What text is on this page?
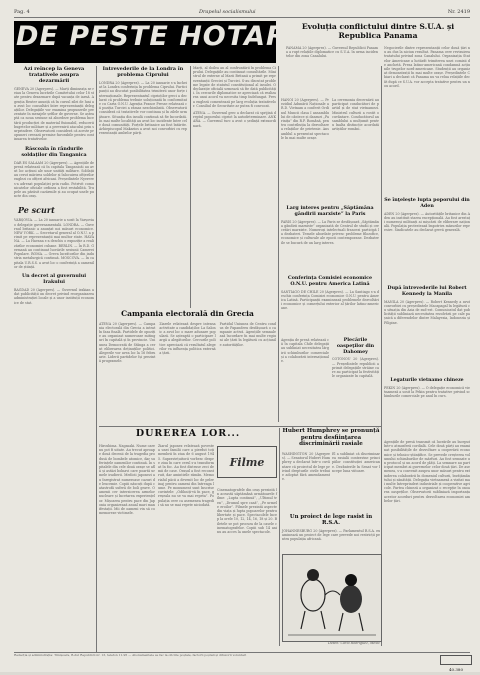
Pag. 4	Drapelul socialismului	Nr. 2419
DE PESTE HOTARE

Azi reîncep la Geneva tratativele asupra dezarmării

GENEVA 20 (Agerpres). — Marți dimineața se reiau la Geneva lucrările Comitetului celor 18 state pentru dezarmare după vacanța de iarnă. Agenția Reuter anunță că în cursul zilei de luni au avut loc consultări între reprezentanții delegațiilor. Delegațiile vor examina propunerile prezentate în mesajele șefilor de guverne. Se așteaptă ca noua sesiune să abordeze problema încetării producției de material fisionabil, reducerii bugetelor militare și a prevenirii atacului prin surprindere. Observatorii consideră că aceste propuneri creează premise favorabile pentru continuarea tratativelor.

Răscoala în rândurile soldaților din Tanganica

DAR ES SALAAM 20 (Agerpres). — Agențiile de presă relatează că în capitala Tanganicăi au avut loc acțiuni ale unor unități militare. Soldații au cerut mărirea soldelor și înlocuirea ofițerilor englezi cu ofițeri africani. Președintele Nyerere s-a adresat populației prin radio. Potrivit comunicatelor oficiale ordinea a fost restabilită. Trupele au părăsit cazărmile și au ocupat unele puncte din oraș.

Pe scurt

VARȘOVIA. — La 20 ianuarie a sosit la Varșovia o delegație guvernamentală. LONDRA. — Guvernul britanic a anunțat noi măsuri economice. NEW YORK. — Secretarul general al O.N.U. a primit pe reprezentanții mai multor state. HAVANA. — La Havana s-a deschis o expoziție a realizărilor economiei cubane. BERLIN. — În R.D. Germană au continuat lucrările sesiunii Camerei Populare. ROMA. — Greva lucrătorilor din industria metalurgică continuă. MOSCOVA. — În capitala U.R.S.S. a avut loc o conferință a oamenilor de știință.

Un decret al guvernului Irakului

BAGDAD 20 (Agerpres). — Guvernul irakian a dat publicității un decret privind reorganizarea administrației locale și a unor instituții economice de stat.

Intrevederile de la Londra în problema Ciprului

LONDRA 20 (Agerpres). — La 20 ianuarie s-a încheiat la Londra conferința în problema Ciprului. Participanții au discutat posibilitatea trimiterii unor forțe internaționale. Reprezentantul ciprioților greci a declarat că problema trebuie soluționată în conformitate cu Carta O.N.U. Agenția France Presse relatează că poziția Turciei a rămas neschimbată. Observatorii consideră că tratativele vor continua și în zilele următoare. Situația din insulă continuă să fie încordată. În mai multe localități au avut loc incidente între cele două comunități. Forțele britanice au fost întărite. Arhiepiscopul Makarios a avut noi convorbiri cu reprezentanții ambelor părți.

Campania electorală din Grecia

ATENA 20 (Agerpres). — Campania electorală din Grecia a intrat în faza finală. Partidele de opoziție au organizat numeroase mitinguri în capitală și în provincie. Uniunea Democrată de Stânga a cerut eliberarea deținuților politici. Alegerile vor avea loc la 16 februarie. Liderii partidelor își prezintă programele.

Ziarele relatează despre intensa activitate a candidaților. La Salonic a avut loc o mare adunare populară. Se așteaptă o participare largă a alegătorilor. Cercurile politice apreciază că rezultatul alegerilor va influența politica externă a țării.

Partidul Uniunea de Centru condus de Papandreu desfășoară o campanie activă. Agențiile semnalează încordare în mai multe regiuni ale țării în legătură cu acțiunile autorităților.

Marți, al doilea an al confruntării în problema Ciprului. Delegațiile au continuat consultările. Ministrul de externe al Marii Britanii a primit pe reprezentanții Greciei și Turciei. S-au discutat probleme legate de statutul constituțional al insulei. O declarație oficială urmează să fie dată publicității. În cercurile diplomatice se apreciază că realizarea unui acord va necesita timp îndelungat. Presa engleză comentează pe larg evoluția tratativelor. Consiliul de Securitate ar putea fi convocat.

ATENA. — Guvernul grec a declarat că sprijină dreptul poporului cipriot la autodeterminare. ANKARA. — Guvernul turc a avut o ședință extraordinară.

HANOI 20 (Agerpres). — Prezidiul Adunării Naționale a R.D. Vietnam a conferit Ordinul Muncii clasa I ansamblului de cântece și dansuri „Parinița” din R.P. Română, pentru contribuția la dezvoltarea relațiilor de prietenie. Ansamblul a prezentat spectacole în mai multe orașe.

La ceremonia decernării au participat conducători de partid și de stat vietnamezi. Ministrul culturii a rostit o cuvântare. Conducătorul ansamblului a mulțumit pentru înalta distincție acordată artiștilor români.

Larg interes pentru „Săptămâna gândirii marxiste” la Paris

PARIS 20 (Agerpres). — La Paris se desfășoară „Săptămâna gândirii marxiste” organizată de Centrul de studii și cercetări marxiste. Numeroși intelectuali francezi participă la dezbateri. Temele abordate privesc probleme filozofice, economice și culturale ale epocii contemporane. Dezbaterile se bucură de un larg interes.

Conferința Comisiei economice O.N.U. pentru America Latină

SANTIAGO DE CHILE 20 (Agerpres). — La Santiago s-a deschis conferința Comisiei economice O.N.U. pentru America Latină. Participanții examinează problemele dezvoltării economice și comerțului exterior al țărilor latino-americane.

Agenția de presă relatează că în capitala Chile delegații au subliniat necesitatea lărgirii schimburilor comerciale și a colaborării internaționale.

Plecările oaspeţilor din Dahomey

COTONOU 20 (Agerpres). — Președintele republicii a primit delegațiile străine care au participat la festivitățile organizate în capitală.

Evoluția conflictului dintre S.U.A. și Republica Panama

PANAMA 20 (Agerpres). — Guvernul Republicii Panama a rupt relațiile diplomatice cu S.U.A. în urma incidentelor din zona Canalului.

Negocierile dintre reprezentanții celor două țări nu au dus la niciun rezultat. Panama cere revizuirea tratatului privind zona Canalului. Organizația Statelor Americane a hotărât trimiterea unei comisii de anchetă. Presa latino-americană condamnă acțiunile trupelor nord-americane. Studenții au organizat demonstrații în mai multe orașe. Președintele Chiari a declarat că Panama nu va relua relațiile decât după ce S.U.A. vor accepta tratative pentru un nou acord.

Se înţelește lupta poporului din Aden

ADEN 20 (Agerpres). — Autoritățile britanice din Aden au instituit starea excepțională. Au fost arestați numeroși militanți ai mișcării de eliberare națională. Populația protestează împotriva măsurilor represive. Sindicatele au declarat grevă generală.

După întrevederile lui Robert Kennedy la Manila

MANILA 20 (Agerpres). — Robert Kennedy a avut convorbiri cu președintele Macapagal în legătură cu situația din Asia de sud-est. Comunicatul dat publicității subliniază necesitatea rezolvării pe cale pașnică a diferendelor dintre Malayezia, Indonezia și Filipine.

Legaturile vietnamo chineze

PEKIN 20 (Agerpres). — O delegație economică vietnameză a sosit la Pekin pentru tratative privind schimburile comerciale pe anul în curs.

Agențiile de presă transmit că lucrările au început într-o atmosferă cordială. Cele două părți au examinat posibilitățile de dezvoltare a cooperării economice și tehnico-științifice. Se prevede creșterea volumului schimburilor de mărfuri. Au fost semnate un protocol și un acord de plăți. La semnare au participat membri ai guvernelor celor două țări. De asemenea, s-a convenit asupra unor măsuri pentru extinderea colaborării în domeniul culturii, învățământului și sănătății. Delegația vietnameză a vizitat mai multe întreprinderi industriale și cooperative agricole. Partea chineză a organizat o recepție în onoarea oaspeților. Observatorii subliniază importanța acestor acorduri pentru dezvoltarea economiei ambelor țări.

DUREREA LOR...

Hiroshima. Nagasaki. Nume care nu pot fi uitate. Au trecut aproape două decenii de la tragedia produsă de bombele atomice, dar suferințele oamenilor continuă. În spitalele din cele două orașe se află și astăzi bolnavi care poartă urmele iradierii. Medicii japonezi au înregistrat numeroase cazuri de leucemie. Copiii născuți după catastrofă suferă de boli grave. Oamenii cer interzicerea armelor nucleare și încetarea experiențelor. Mișcarea pentru pace din Japonia organizează anual mari manifestații. Mii de oameni vin să comemoreze victimele.

Ziarul japonez relatează povestea unei familii care a pierdut toți membrii în ziua de 6 august 1945. Supraviețuitorii vorbesc despre ziua în care cerul s-a transformat în foc. Au fost distruse zeci de mii de case. Orașul a fost reconstruit, dar amintirile rămân. Memorialul păcii a devenit loc de pelerinaj pentru oameni din întreaga lume. Pe monument sunt înscrise cuvintele: „Odihniți-vă în pace, greșeala nu se va mai repeta”. Populația cere ca asemenea tragedii să nu se mai repete niciodată.

Filme

Cinematografele din oraș prezintă în această săptămână următoarele filme: „Lupta continuă”, „Ultimul tren”, „Drumul spre casă”, „Pe urmele eroilor”. Filmele prezintă aspecte din viața și lupta popoarelor pentru libertate și pace. Spectacolele încep la orele 10, 12, 14, 16, 18 și 20. Biletele se pot procura de la casele cinematografelor. Copiii sub 14 ani nu au acces la unele spectacole.

Hubert Humphrey se pronunță pentru desfiinţarea discriminării rasiale

WASHINGTON 20 (Agerpres). — Senatorul Hubert Humphrey a declarat într-o cuvântare că proiectul de lege privind drepturile civile trebuie adoptat fără amendamente.

El a subliniat că discriminarea rasială contravine principiilor constituției americane. Dezbaterile în Senat vor începe luna viitoare.

Un proiect de lege rasist în R.S.A.

JOHANNESBURG 20 (Agerpres). — Parlamentul R.S.A. examinează un proiect de lege care prevede noi restricții pentru populația africană.

Desen: Carlo Rodriguez, Mexic

Redacția și administrația: Timișoara, B-dul Republicii nr. 13, telefon 11-95 — Abonamentele se fac la oficiile poștale, factorii poștali și difuzorii voluntari

40.380
